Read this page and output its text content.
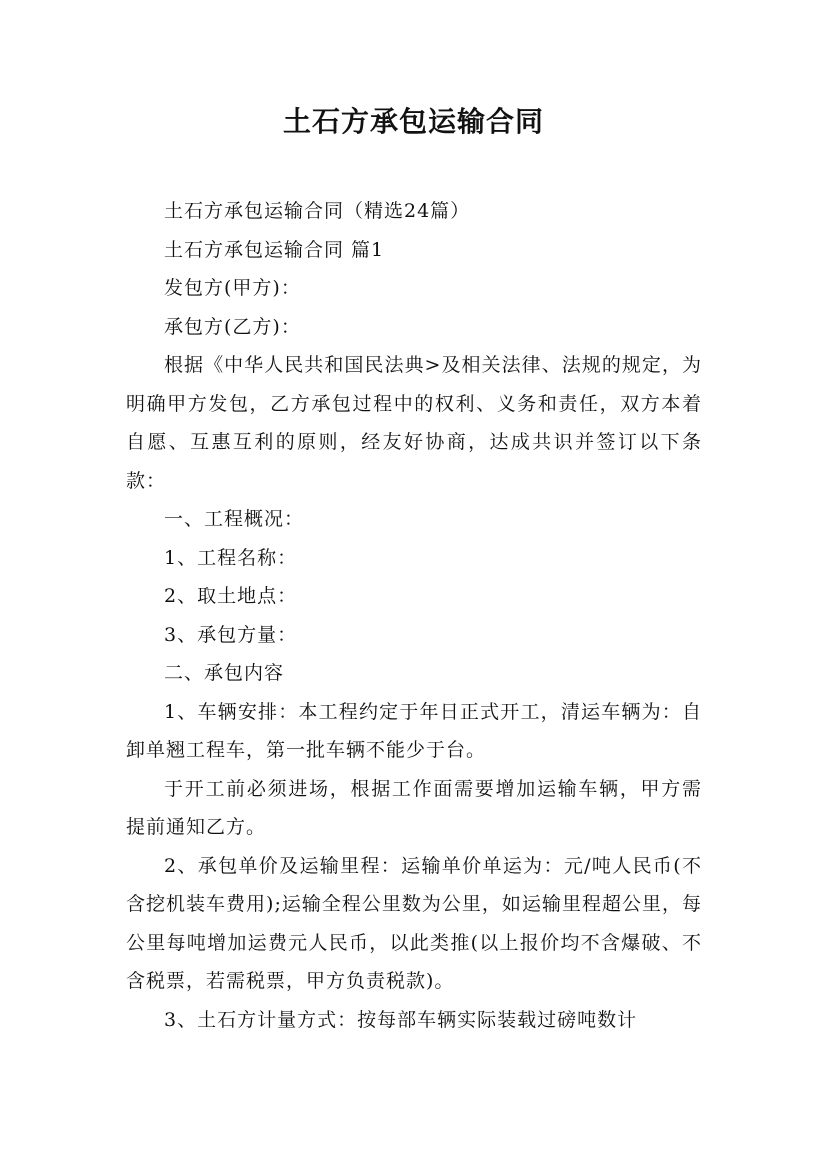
土石方承包运输合同

土石方承包运输合同（精选24篇）

土石方承包运输合同 篇1

发包方(甲方)：

承包方(乙方)：

根据《中华人民共和国民法典>及相关法律、法规的规定，为明确甲方发包，乙方承包过程中的权利、义务和责任，双方本着自愿、互惠互利的原则，经友好协商，达成共识并签订以下条款：

一、工程概况：

1、工程名称：

2、取土地点：

3、承包方量：

二、承包内容

1、车辆安排：本工程约定于年日正式开工，清运车辆为：自卸单翘工程车，第一批车辆不能少于台。

于开工前必须进场，根据工作面需要增加运输车辆，甲方需提前通知乙方。

2、承包单价及运输里程：运输单价单运为：元/吨人民币(不含挖机装车费用);运输全程公里数为公里，如运输里程超公里，每公里每吨增加运费元人民币，以此类推(以上报价均不含爆破、不含税票，若需税票，甲方负责税款)。

3、土石方计量方式：按每部车辆实际装载过磅吨数计
